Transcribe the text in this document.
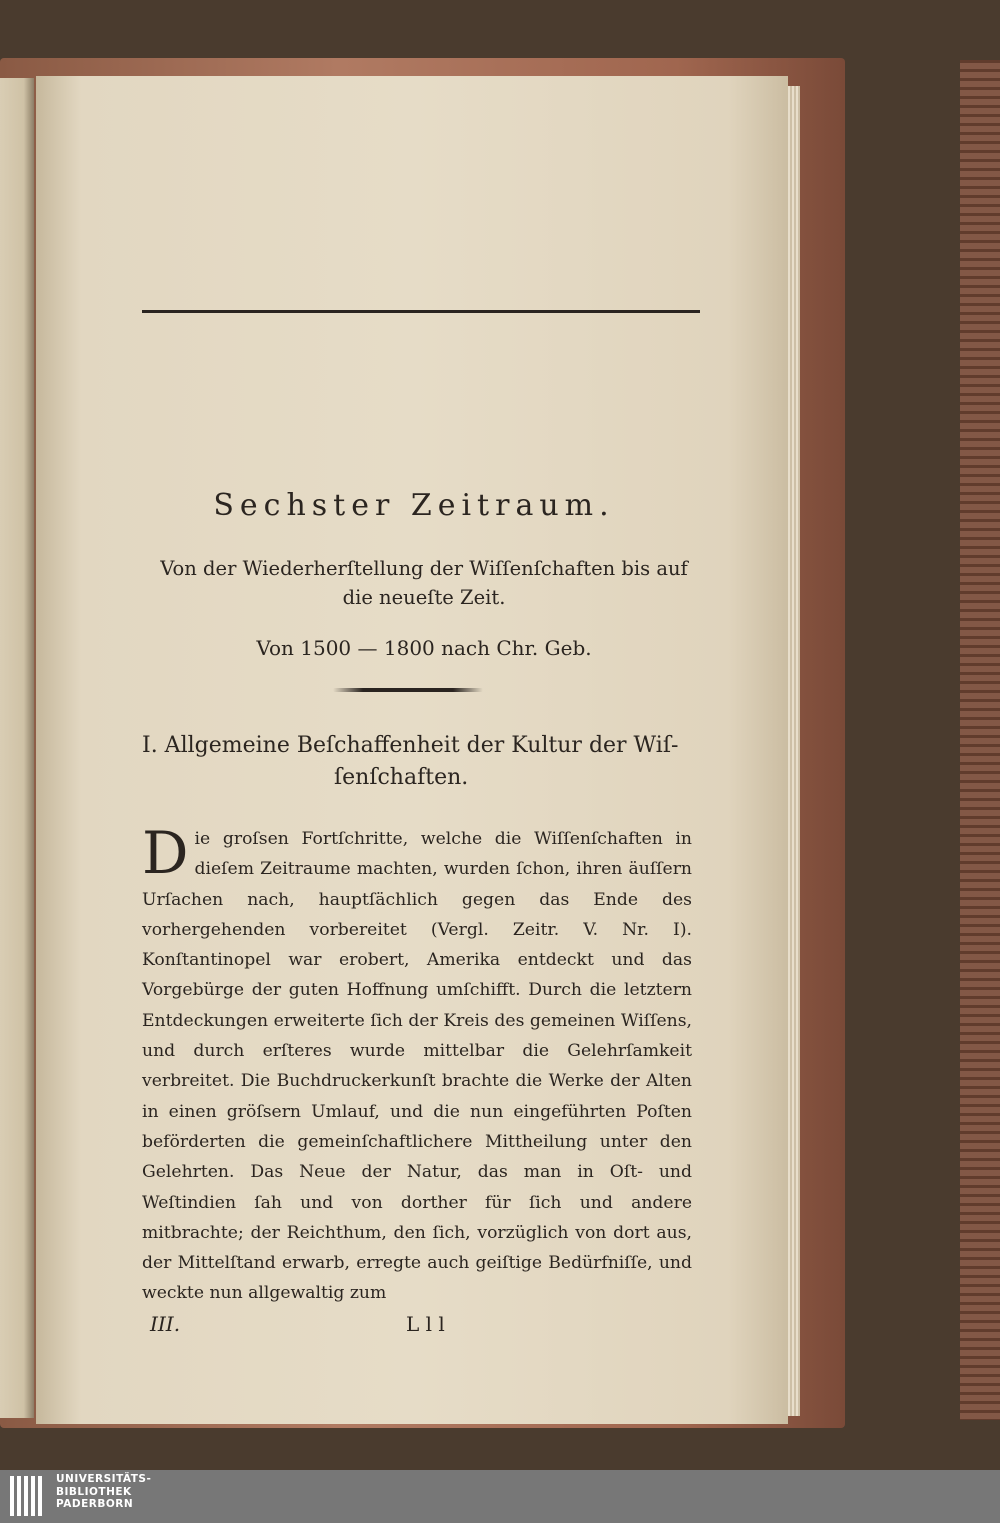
Sechster Zeitraum.
Von der Wiederherſtellung der Wiſſenſchaften bis auf die neueſte Zeit.
Von 1500 — 1800 nach Chr. Geb.
I. Allgemeine Beſchaffenheit der Kultur der Wiſ-
ſenſchaften.
Die groſsen Fortſchritte, welche die Wiſſenſchaften in dieſem Zeitraume machten, wurden ſchon, ihren äuſſern Urſachen nach, hauptſächlich gegen das Ende des vorhergehenden vorbereitet (Vergl. Zeitr. V. Nr. I). Konſtantinopel war erobert, Amerika entdeckt und das Vorgebürge der guten Hoffnung umſchifft. Durch die letztern Entdeckungen erweiterte ſich der Kreis des gemeinen Wiſſens, und durch erſteres wurde mittelbar die Gelehrſamkeit verbreitet. Die Buchdruckerkunſt brachte die Werke der Alten in einen gröſsern Umlauf, und die nun eingeführten Poſten beförderten die gemeinſchaftlichere Mittheilung unter den Gelehrten. Das Neue der Natur, das man in Oſt- und Weſtindien ſah und von dorther für ſich und andere mitbrachte; der Reichthum, den ſich, vorzüglich von dort aus, der Mittelſtand erwarb, erregte auch geiſtige Bedürfniſſe, und weckte nun allgewaltig zum
III.	L l l
UNIVERSITÄTS-
BIBLIOTHEK
PADERBORN
